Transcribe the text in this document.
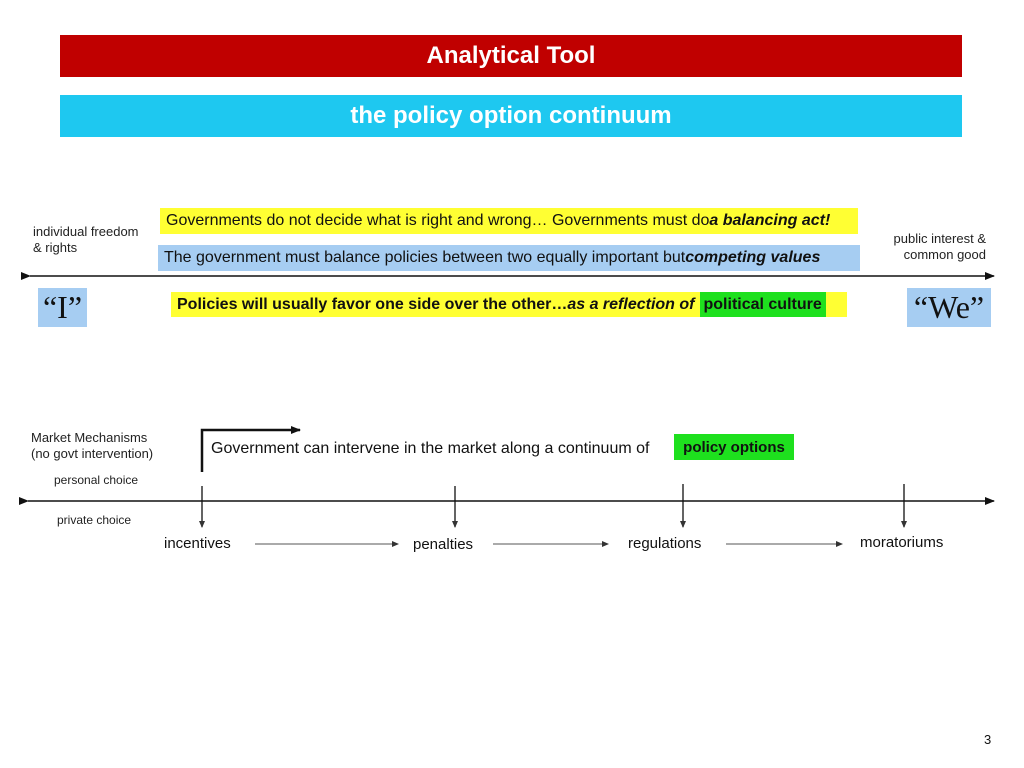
Analytical Tool
the policy option continuum
individual freedom
& rights
public interest &
common good
Governments do not decide what is right and wrong… Governments must do a balancing act!
The government must balance policies between two equally important but competing values
“I”	“We”
Policies will usually favor one side over the other… as a reflection of political culture
Market Mechanisms
(no govt intervention)
personal choice
private choice
Government can intervene in the market along a continuum of	policy options
incentives	penalties	regulations	moratoriums
3
